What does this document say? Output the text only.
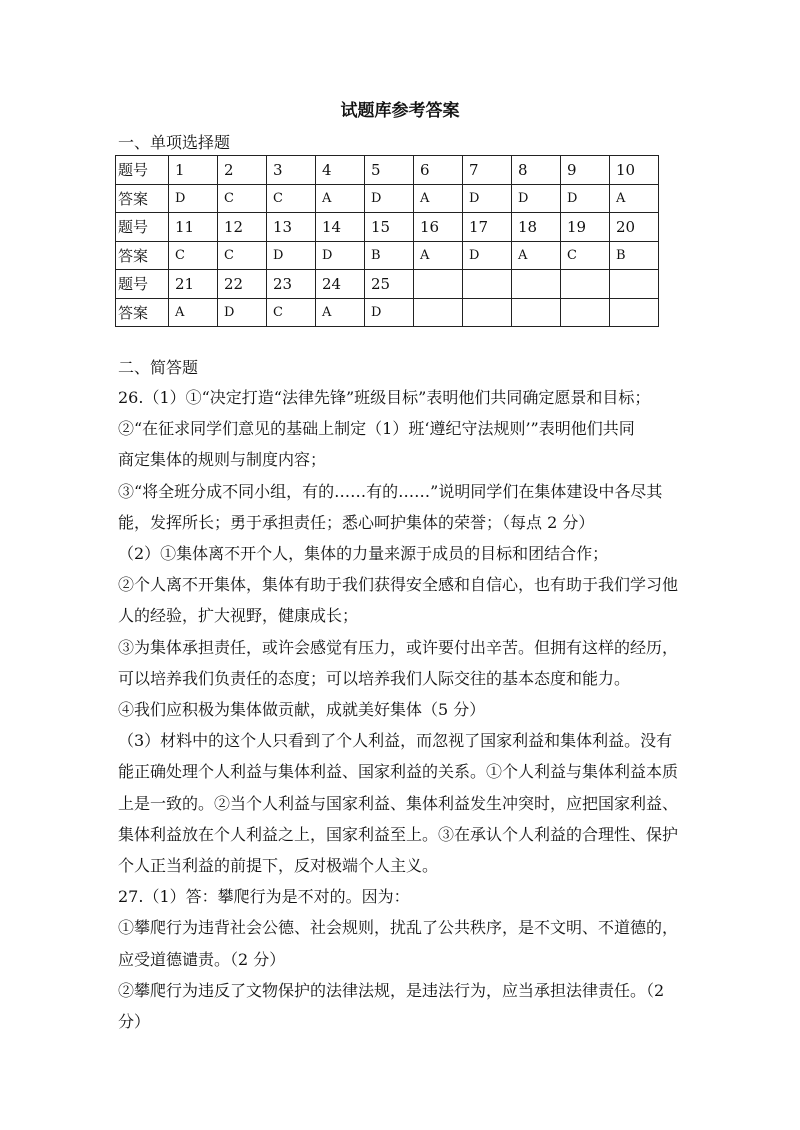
试题库参考答案
一、单项选择题
题号	1	2	3	4	5	6	7	8	9	10
答案	D	C	C	A	D	A	D	D	D	A
题号	11	12	13	14	15	16	17	18	19	20
答案	C	C	D	D	B	A	D	A	C	B
题号	21	22	23	24	25					
答案	A	D	C	A	D					
二、简答题

26.（1）①“决定打造“法律先锋”班级目标”表明他们共同确定愿景和目标；

②“在征求同学们意见的基础上制定（1）班‘遵纪守法规则’”表明他们共同

商定集体的规则与制度内容；

③“将全班分成不同小组，有的……有的……”说明同学们在集体建设中各尽其

能，发挥所长；勇于承担责任；悉心呵护集体的荣誉；（每点 2 分）

（2）①集体离不开个人，集体的力量来源于成员的目标和团结合作；

②个人离不开集体，集体有助于我们获得安全感和自信心，也有助于我们学习他

人的经验，扩大视野，健康成长；

③为集体承担责任，或许会感觉有压力，或许要付出辛苦。但拥有这样的经历，

可以培养我们负责任的态度；可以培养我们人际交往的基本态度和能力。

④我们应积极为集体做贡献，成就美好集体（5 分）

（3）材料中的这个人只看到了个人利益，而忽视了国家利益和集体利益。没有

能正确处理个人利益与集体利益、国家利益的关系。①个人利益与集体利益本质

上是一致的。②当个人利益与国家利益、集体利益发生冲突时，应把国家利益、

集体利益放在个人利益之上，国家利益至上。③在承认个人利益的合理性、保护

个人正当利益的前提下，反对极端个人主义。

27.（1）答：攀爬行为是不对的。因为：

①攀爬行为违背社会公德、社会规则，扰乱了公共秩序，是不文明、不道德的，

应受道德谴责。（2 分）

②攀爬行为违反了文物保护的法律法规，是违法行为，应当承担法律责任。（2

分）
